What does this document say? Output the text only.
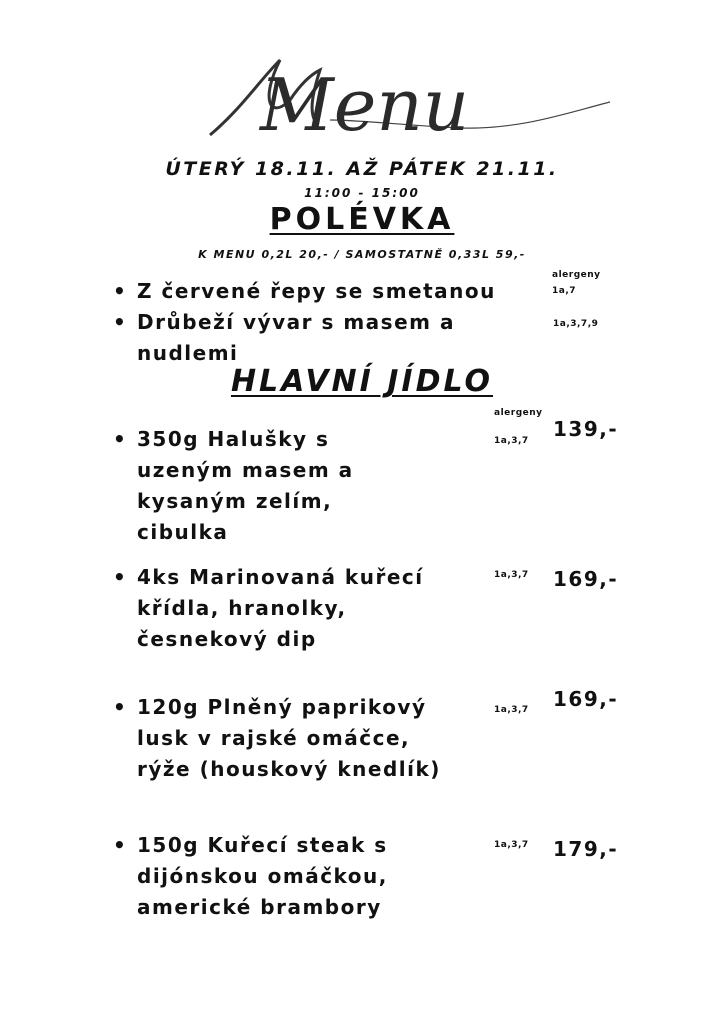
Menu
ÚTERÝ 18.11. AŽ PÁTEK 21.11.
11:00 - 15:00
POLÉVKA
K MENU 0,2L 20,- / SAMOSTATNĚ 0,33L 59,-
alergeny
• Z červené řepy se smetanou	1a,7
• Drůbeží vývar s masem a
nudlemi
1a,3,7,9
HLAVNÍ JÍDLO
alergeny
• 350g Halušky s
uzeným masem a
kysaným zelím,
cibulka
1a,3,7 139,-
• 4ks Marinovaná kuřecí
křídla, hranolky,
česnekový dip
1a,3,7 169,-
• 120g Plněný paprikový
lusk v rajské omáčce,
rýže (houskový knedlík)
1a,3,7 169,-
• 150g Kuřecí steak s
dijónskou omáčkou,
americké brambory
1a,3,7 179,-
